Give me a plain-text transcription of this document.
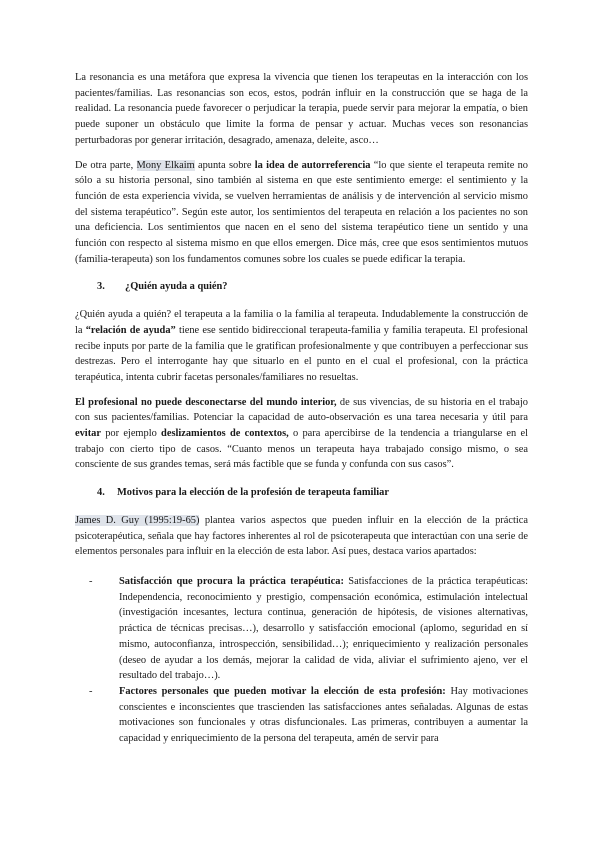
La resonancia es una metáfora que expresa la vivencia que tienen los terapeutas en la interacción con los pacientes/familias. Las resonancias son ecos, estos, podrán influir en la construcción que se haga de la realidad. La resonancia puede favorecer o perjudicar la terapia, puede servir para mejorar la empatía, o bien puede suponer un obstáculo que limite la forma de pensar y actuar. Muchas veces son resonancias perturbadoras por generar irritación, desagrado, amenaza, deleite, asco…

De otra parte, Mony Elkaim apunta sobre la idea de autorreferencia “lo que siente el terapeuta remite no sólo a su historia personal, sino también al sistema en que este sentimiento emerge: el sentimiento y la función de esta experiencia vivida, se vuelven herramientas de análisis y de intervención al servicio mismo del sistema terapéutico”. Según este autor, los sentimientos del terapeuta en relación a los pacientes no son una deficiencia. Los sentimientos que nacen en el seno del sistema terapéutico tiene un sentido y una función con respecto al sistema mismo en que ellos emergen. Dice más, cree que esos sentimientos mutuos (familia-terapeuta) son los fundamentos comunes sobre los cuales se puede edificar la terapia.

3. ¿Quién ayuda a quién?

¿Quién ayuda a quién? el terapeuta a la familia o la familia al terapeuta. Indudablemente la construcción de la “relación de ayuda” tiene ese sentido bidireccional terapeuta-familia y familia terapeuta. El profesional recibe inputs por parte de la familia que le gratifican profesionalmente y que contribuyen a perfeccionar sus destrezas. Pero el interrogante hay que situarlo en el punto en el cual el profesional, con la práctica terapéutica, intenta cubrir facetas personales/familiares no resueltas.

El profesional no puede desconectarse del mundo interior, de sus vivencias, de su historia en el trabajo con sus pacientes/familias. Potenciar la capacidad de auto-observación es una tarea necesaria y útil para evitar por ejemplo deslizamientos de contextos, o para apercibirse de la tendencia a triangularse en el trabajo con cierto tipo de casos. “Cuanto menos un terapeuta haya trabajado consigo mismo, o sea consciente de sus grandes temas, será más factible que se funda y confunda con sus casos”.

4. Motivos para la elección de la profesión de terapeuta familiar

James D. Guy (1995:19-65) plantea varios aspectos que pueden influir en la elección de la práctica psicoterapéutica, señala que hay factores inherentes al rol de psicoterapeuta que interactúan con una serie de elementos personales para influir en la elección de esta labor. Así pues, destaca varios apartados:

-	Satisfacción que procura la práctica terapéutica: Satisfacciones de la práctica terapéuticas: Independencia, reconocimiento y prestigio, compensación económica, estimulación intelectual (investigación incesantes, lectura continua, generación de hipótesis, de visiones alternativas, práctica de técnicas precisas…), desarrollo y satisfacción emocional (aplomo, seguridad en sí mismo, autoconfianza, introspección, sensibilidad…); enriquecimiento y realización personales (deseo de ayudar a los demás, mejorar la calidad de vida, aliviar el sufrimiento ajeno, ver el resultado del trabajo…).
-	Factores personales que pueden motivar la elección de esta profesión: Hay motivaciones conscientes e inconscientes que trascienden las satisfacciones antes señaladas. Algunas de estas motivaciones son funcionales y otras disfuncionales. Las primeras, contribuyen a aumentar la capacidad y enriquecimiento de la persona del terapeuta, amén de servir para
